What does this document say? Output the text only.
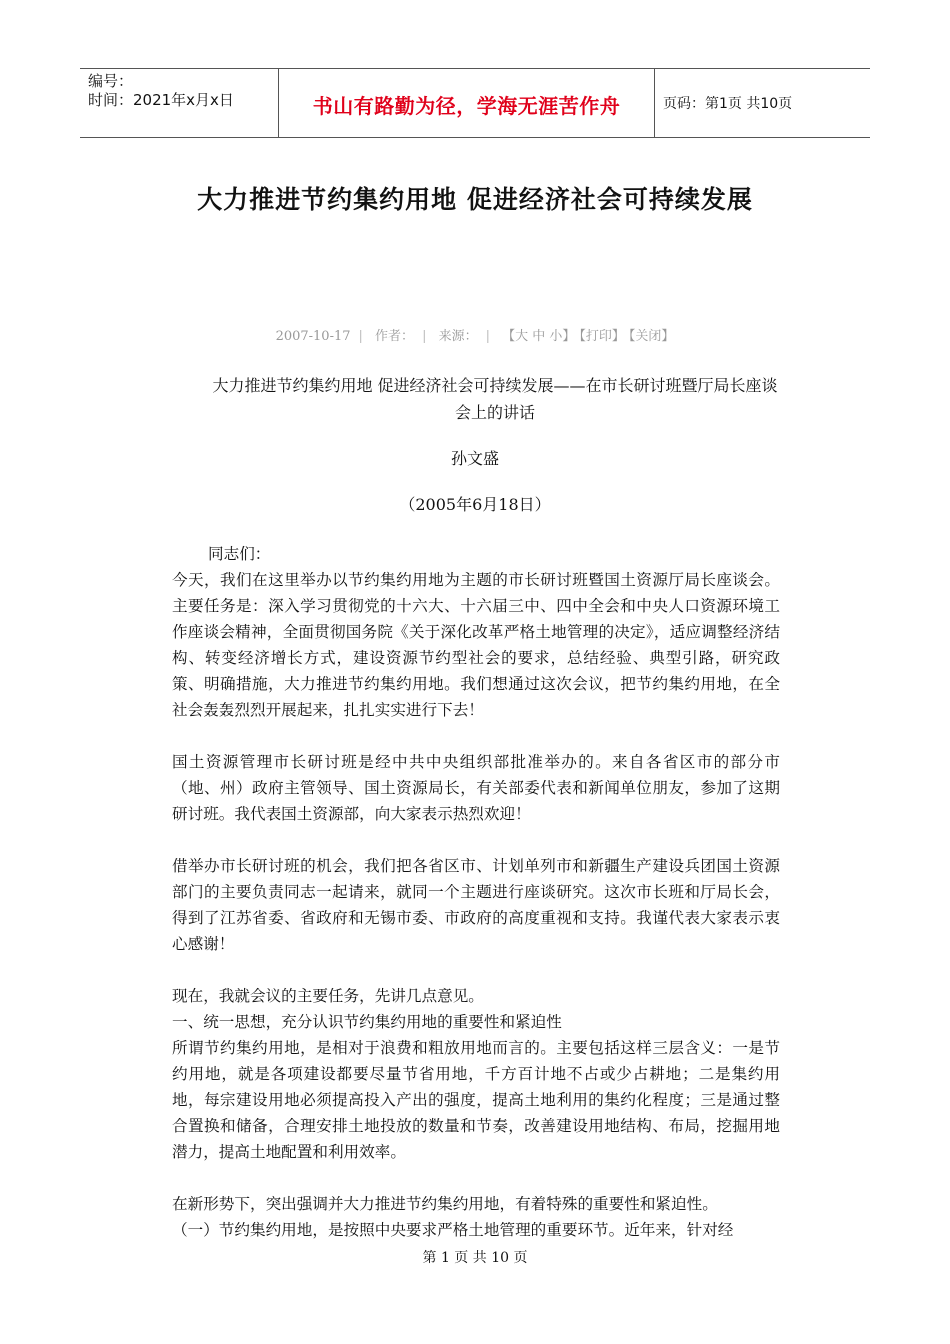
编号：
时间：2021年x月x日	书山有路勤为径，学海无涯苦作舟	页码：第1页 共10页
大力推进节约集约用地 促进经济社会可持续发展
2007-10-17 | 作者： | 来源： | 【大 中 小】 【打印】 【关闭】
大力推进节约集约用地 促进经济社会可持续发展——在市长研讨班暨厅局长座谈会上的讲话
孙文盛
（2005年6月18日）

同志们：

今天，我们在这里举办以节约集约用地为主题的市长研讨班暨国土资源厅局长座谈会。主要任务是：深入学习贯彻党的十六大、十六届三中、四中全会和中央人口资源环境工作座谈会精神，全面贯彻国务院《关于深化改革严格土地管理的决定》，适应调整经济结构、转变经济增长方式，建设资源节约型社会的要求，总结经验、典型引路，研究政策、明确措施，大力推进节约集约用地。我们想通过这次会议，把节约集约用地，在全社会轰轰烈烈开展起来，扎扎实实进行下去！

国土资源管理市长研讨班是经中共中央组织部批准举办的。来自各省区市的部分市（地、州）政府主管领导、国土资源局长，有关部委代表和新闻单位朋友，参加了这期研讨班。我代表国土资源部，向大家表示热烈欢迎！

借举办市长研讨班的机会，我们把各省区市、计划单列市和新疆生产建设兵团国土资源部门的主要负责同志一起请来，就同一个主题进行座谈研究。这次市长班和厅局长会，得到了江苏省委、省政府和无锡市委、市政府的高度重视和支持。我谨代表大家表示衷心感谢！

现在，我就会议的主要任务，先讲几点意见。

一、统一思想，充分认识节约集约用地的重要性和紧迫性

所谓节约集约用地，是相对于浪费和粗放用地而言的。主要包括这样三层含义：一是节约用地，就是各项建设都要尽量节省用地，千方百计地不占或少占耕地；二是集约用地，每宗建设用地必须提高投入产出的强度，提高土地利用的集约化程度；三是通过整合置换和储备，合理安排土地投放的数量和节奏，改善建设用地结构、布局，挖掘用地潜力，提高土地配置和利用效率。

在新形势下，突出强调并大力推进节约集约用地，有着特殊的重要性和紧迫性。

（一）节约集约用地，是按照中央要求严格土地管理的重要环节。近年来，针对经

第 1 页 共 10 页
